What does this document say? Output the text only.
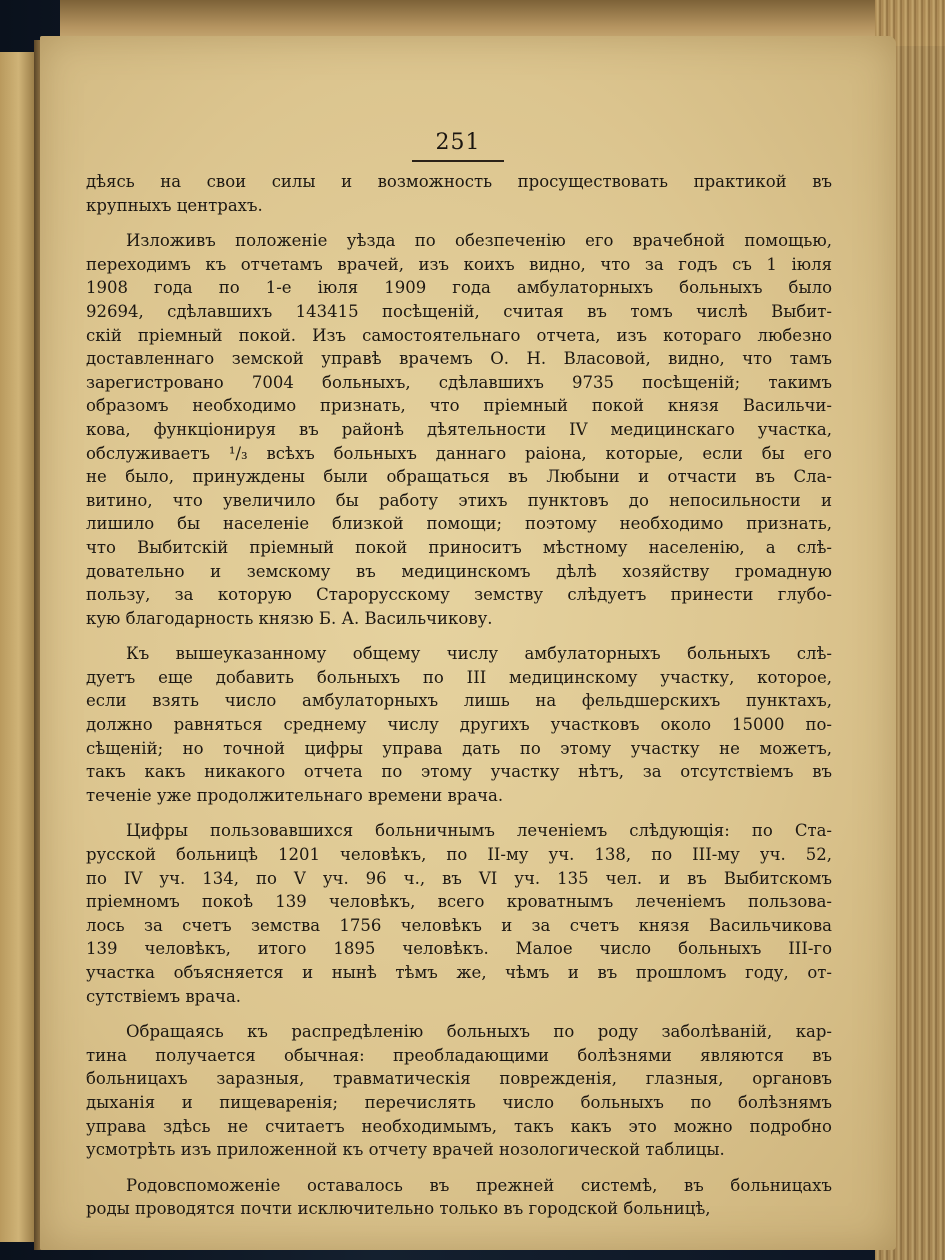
251
дѣясь на свои силы и возможность просуществовать практикой въ
крупныхъ центрахъ.
Изложивъ положеніе уѣзда по обезпеченію его врачебной помощью,
переходимъ къ отчетамъ врачей, изъ коихъ видно, что за годъ съ 1 іюля
1908 года по 1-е іюля 1909 года амбулаторныхъ больныхъ было
92694, сдѣлавшихъ 143415 посѣщеній, считая въ томъ числѣ Выбит-
скій пріемный покой. Изъ самостоятельнаго отчета, изъ котораго любезно
доставленнаго земской управѣ врачемъ О. Н. Власовой, видно, что тамъ
зарегистровано 7004 больныхъ, сдѣлавшихъ 9735 посѣщеній; такимъ
образомъ необходимо признать, что пріемный покой князя Васильчи-
кова, функціонируя въ районѣ дѣятельности IV медицинскаго участка,
обслуживаетъ ¹/₃ всѣхъ больныхъ даннаго раіона, которые, если бы его
не было, принуждены были обращаться въ Любыни и отчасти въ Сла-
витино, что увеличило бы работу этихъ пунктовъ до непосильности и
лишило бы населеніе близкой помощи; поэтому необходимо признать,
что Выбитскій пріемный покой приноситъ мѣстному населенію, а слѣ-
довательно и земскому въ медицинскомъ дѣлѣ хозяйству громадную
пользу, за которую Старорусскому земству слѣдуетъ принести глубо-
кую благодарность князю Б. А. Васильчикову.
Къ вышеуказанному общему числу амбулаторныхъ больныхъ слѣ-
дуетъ еще добавить больныхъ по III медицинскому участку, которое,
если взять число амбулаторныхъ лишь на фельдшерскихъ пунктахъ,
должно равняться среднему числу другихъ участковъ около 15000 по-
сѣщеній; но точной цифры управа дать по этому участку не можетъ,
такъ какъ никакого отчета по этому участку нѣтъ, за отсутствіемъ въ
теченіе уже продолжительнаго времени врача.
Цифры пользовавшихся больничнымъ леченіемъ слѣдующія: по Ста-
русской больницѣ 1201 человѣкъ, по II-му уч. 138, по III-му уч. 52,
по IV уч. 134, по V уч. 96 ч., въ VI уч. 135 чел. и въ Выбитскомъ
пріемномъ покоѣ 139 человѣкъ, всего кроватнымъ леченіемъ пользова-
лось за счетъ земства 1756 человѣкъ и за счетъ князя Васильчикова
139 человѣкъ, итого 1895 человѣкъ. Малое число больныхъ III-го
участка объясняется и нынѣ тѣмъ же, чѣмъ и въ прошломъ году, от-
сутствіемъ врача.
Обращаясь къ распредѣленію больныхъ по роду заболѣваній, кар-
тина получается обычная: преобладающими болѣзнями являются въ
больницахъ заразныя, травматическія поврежденія, глазныя, органовъ
дыханія и пищеваренія; перечислять число больныхъ по болѣзнямъ
управа здѣсь не считаетъ необходимымъ, такъ какъ это можно подробно
усмотрѣть изъ приложенной къ отчету врачей нозологической таблицы.
Родовспоможеніе оставалось въ прежней системѣ, въ больницахъ
роды проводятся почти исключительно только въ городской больницѣ,
